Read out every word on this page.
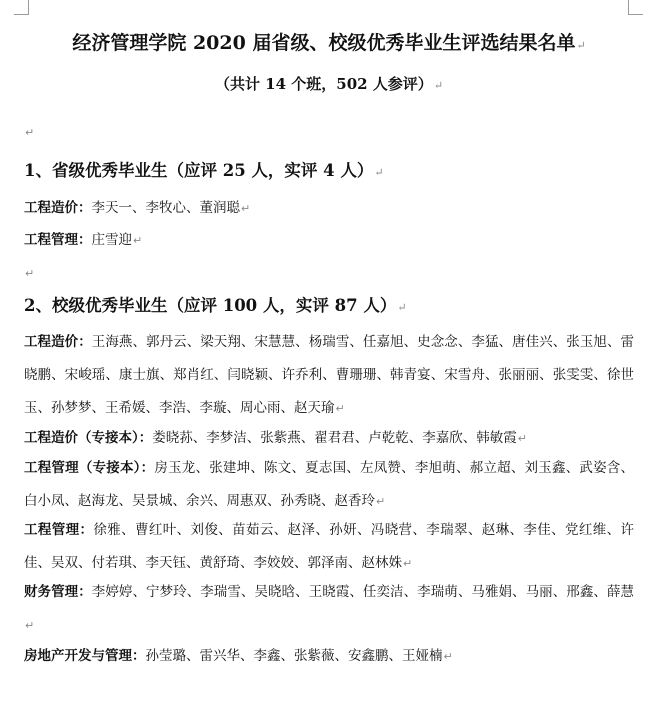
经济管理学院 2020 届省级、校级优秀毕业生评选结果名单↵
（共计 14 个班，502 人参评）↵
↵
1、省级优秀毕业生（应评 25 人，实评 4 人）↵
工程造价：李天一、李牧心、董润聪↵
工程管理：庄雪迎↵
↵
2、校级优秀毕业生（应评 100 人，实评 87 人）↵
工程造价：王海燕、郭丹云、梁天翔、宋慧慧、杨瑞雪、任嘉旭、史念念、李猛、唐佳兴、张玉旭、雷晓鹏、宋峻瑶、康士旗、郑肖红、闫晓颖、许乔利、曹珊珊、韩青宴、宋雪舟、张丽丽、张雯雯、徐世玉、孙梦梦、王希媛、李浩、李璇、周心雨、赵天瑜↵
工程造价（专接本）：娄晓荪、李梦洁、张紫燕、翟君君、卢乾乾、李嘉欣、韩敏霞↵
工程管理（专接本）：房玉龙、张建坤、陈文、夏志国、左凤赞、李旭萌、郝立超、刘玉鑫、武姿含、白小凤、赵海龙、吴景城、余兴、周惠双、孙秀晓、赵香玲↵
工程管理：徐雅、曹红叶、刘俊、苗茹云、赵泽、孙妍、冯晓营、李瑞翠、赵琳、李佳、党红维、许佳、吴双、付若琪、李天钰、黄舒琦、李姣姣、郭泽南、赵林姝↵
财务管理：李婷婷、宁梦玲、李瑞雪、吴晓晗、王晓霞、任奕洁、李瑞萌、马雅娟、马丽、邢鑫、薛慧↵
房地产开发与管理：孙莹璐、雷兴华、李鑫、张紫薇、安鑫鹏、王娅楠↵
